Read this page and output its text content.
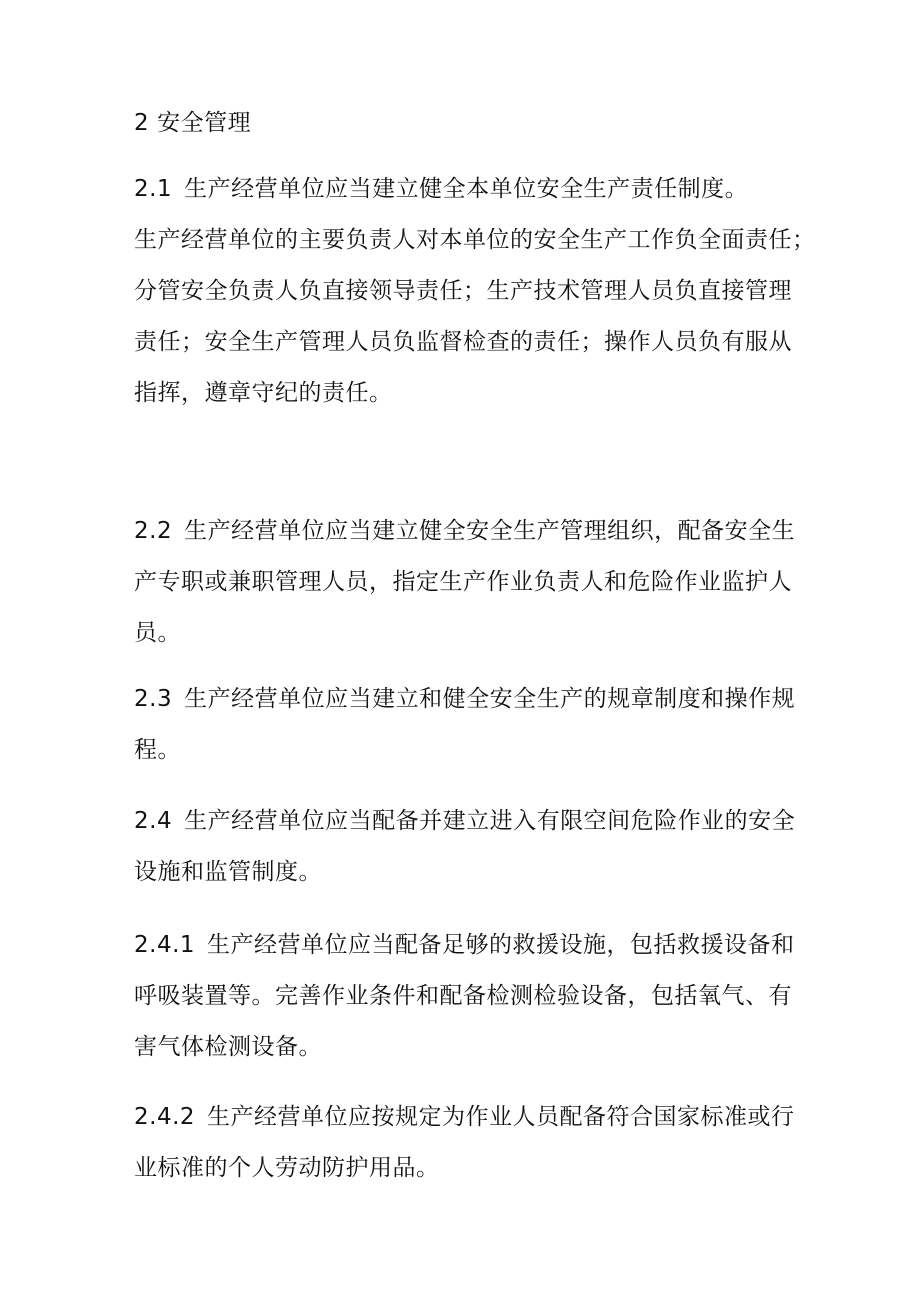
2 安全管理
2.1 生产经营单位应当建立健全本单位安全生产责任制度。
生产经营单位的主要负责人对本单位的安全生产工作负全面责任；
分管安全负责人负直接领导责任；生产技术管理人员负直接管理
责任；安全生产管理人员负监督检查的责任；操作人员负有服从
指挥，遵章守纪的责任。
2.2 生产经营单位应当建立健全安全生产管理组织，配备安全生
产专职或兼职管理人员，指定生产作业负责人和危险作业监护人
员。
2.3 生产经营单位应当建立和健全安全生产的规章制度和操作规
程。
2.4 生产经营单位应当配备并建立进入有限空间危险作业的安全
设施和监管制度。
2.4.1 生产经营单位应当配备足够的救援设施，包括救援设备和
呼吸装置等。完善作业条件和配备检测检验设备，包括氧气、有
害气体检测设备。
2.4.2 生产经营单位应按规定为作业人员配备符合国家标准或行
业标准的个人劳动防护用品。
